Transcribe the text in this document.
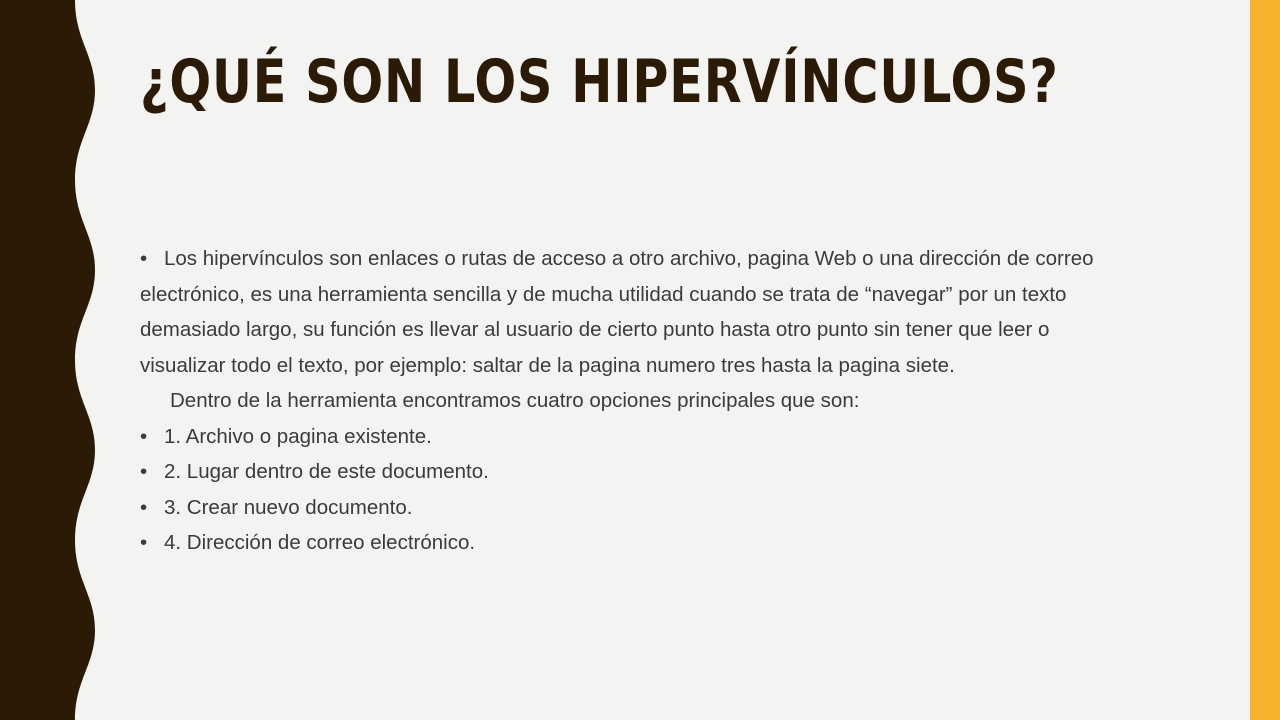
¿QUÉ SON LOS HIPERVÍNCULOS?

• Los hipervínculos son enlaces o rutas de acceso a otro archivo, pagina Web o una dirección de correo electrónico, es una herramienta sencilla y de mucha utilidad cuando se trata de “navegar” por un texto demasiado largo, su función es llevar al usuario de cierto punto hasta otro punto sin tener que leer o visualizar todo el texto, por ejemplo: saltar de la pagina numero tres hasta la pagina siete.

Dentro de la herramienta encontramos cuatro opciones principales que son:

• 1. Archivo o pagina existente.

• 2. Lugar dentro de este documento.

• 3. Crear nuevo documento.

• 4. Dirección de correo electrónico.
